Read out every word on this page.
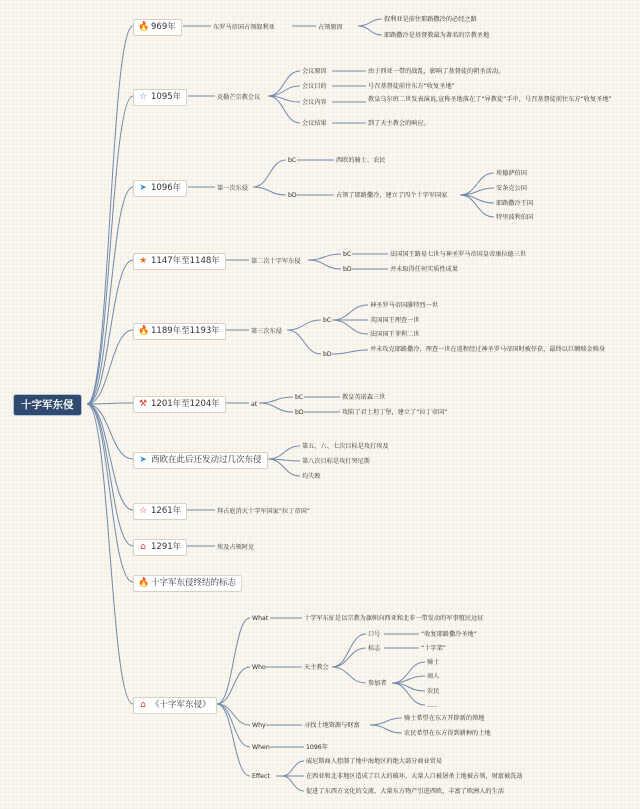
十字军东侵
🔥 969年	东罗马帝国占领叙利亚	占领原因
叙利亚是前往耶路撒冷的必经之路
耶路撒冷是基督教最为著名的宗教圣地
☆ 1095年	克勒芒宗教会议
会议原因
会议目的
会议内容
会议结果
由于西亚一带的战乱，影响了基督徒的朝圣活动。
号召基督徒前往东方“收复圣地”
教皇乌尔班二世发表演说,宣称圣地落在了“异教徒”手中，号召基督徒前往东方“收复圣地”
到了天主教会的响应。
➤ 1096年	第一次东侵
bC
bD
西欧的骑士、农民
占领了耶路撒冷，建立了四个十字军国家
埃德萨伯国
安条克公国
耶路撒冷王国
特里波利伯国
★ 1147年至1148年	第二次十字军东侵
bC
bD
法国国王路易七世与神圣罗马帝国皇帝康拉德三世
并未取得任何实质性成果
🔥 1189年至1193年	第三次东侵
bC
bD
神圣罗马帝国腓特烈一世
英国国王理查一世
法国国王菲利二世
并未攻克耶路撒冷，理查一世在返程经过神圣罗马帝国时被俘获，最终以巨额赎金赎身
⚒ 1201年至1204年	at
bC
bD
教皇英诺森三世
攻陷了君士坦丁堡，建立了“拉丁帝国”
➤ 西欧在此后还发动过几次东侵
第五、六、七次目标是攻打埃及
第八次目标是攻打突尼斯
均失败
☆ 1261年	拜占庭消灭十字军国家“拉丁帝国”
⌂ 1291年	埃及占领阿克
🔥 十字军东侵终结的标志
⌂ 《十字军东侵》
What	十字军东征是以宗教为旗帜向西亚和北非一带发动的军事殖民远征
Who	天主教会
口号	“收复耶路撒冷圣地”
标志	“十字架”
参加者
骑士
商人
农民
.....
Why	寻找土地资源与财富
骑士希望在东方开辟新的领地
农民希望在东方得到耕种的土地
When	1096年
Effect
威尼斯商人控制了地中海地区的绝大部分商业贸易
在西亚和北非地区造成了巨大的破坏，大量人口被屠杀土地被占领，财富被洗劫
促进了东西方文化的交流，大量东方物产引进西欧，丰富了欧洲人的生活
